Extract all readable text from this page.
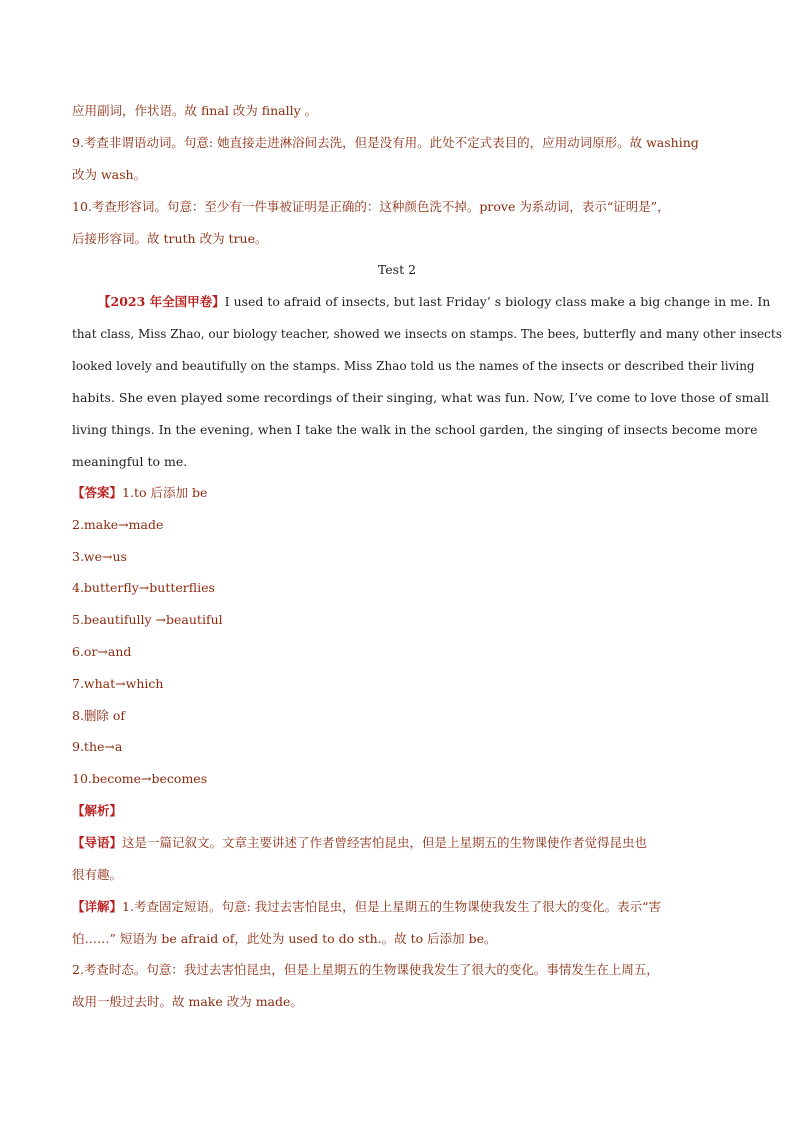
应用副词，作状语。故 final 改为 finally 。
9.考查非谓语动词。句意: 她直接走进淋浴间去洗，但是没有用。此处不定式表目的，应用动词原形。故 washing
改为 wash。
10.考查形容词。句意：至少有一件事被证明是正确的：这种颜色洗不掉。prove 为系动词，表示“证明是”，
后接形容词。故 truth 改为 true。
Test 2
【2023 年全国甲卷】I used to afraid of insects, but last Friday’ s biology class make a big change in me. In
that class, Miss Zhao, our biology teacher, showed we insects on stamps. The bees, butterfly and many other insects
looked lovely and beautifully on the stamps. Miss Zhao told us the names of the insects or described their living
habits. She even played some recordings of their singing, what was fun. Now, I’ve come to love those of small
living things. In the evening, when I take the walk in the school garden, the singing of insects become more
meaningful to me.
【答案】1.to 后添加 be
2.make→made
3.we→us
4.butterfly→butterflies
5.beautifully →beautiful
6.or→and
7.what→which
8.删除 of
9.the→a
10.become→becomes
【解析】
【导语】这是一篇记叙文。文章主要讲述了作者曾经害怕昆虫，但是上星期五的生物课使作者觉得昆虫也
很有趣。
【详解】1.考查固定短语。句意: 我过去害怕昆虫，但是上星期五的生物课使我发生了很大的变化。表示“害
怕……” 短语为 be afraid of，此处为 used to do sth.。故 to 后添加 be。
2.考查时态。句意：我过去害怕昆虫，但是上星期五的生物课使我发生了很大的变化。事情发生在上周五，
故用一般过去时。故 make 改为 made。
